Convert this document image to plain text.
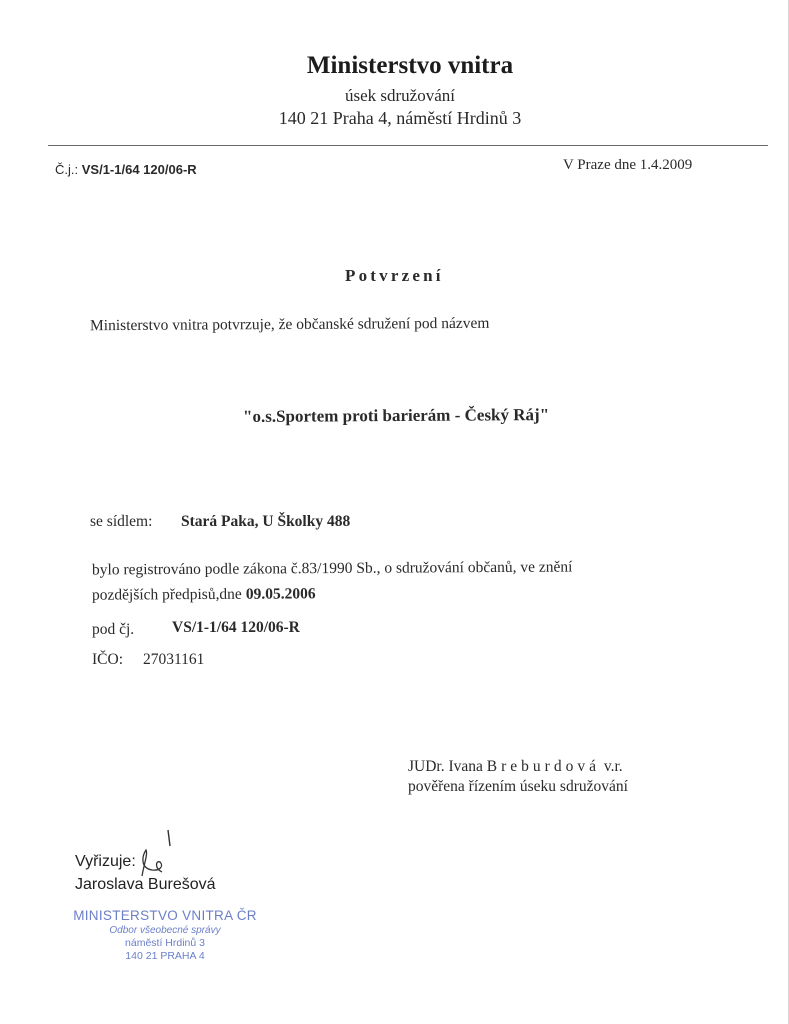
Ministerstvo vnitra
úsek sdružování
140 21 Praha 4, náměstí Hrdinů 3
Č.j.: VS/1-1/64 120/06-R	V Praze dne 1.4.2009
Potvrzení
Ministerstvo vnitra potvrzuje, že občanské sdružení pod názvem
"o.s.Sportem proti barierám - Český Ráj"
se sídlem: Stará Paka, U Školky 488
bylo registrováno podle zákona č.83/1990 Sb., o sdružování občanů, ve znění
pozdějších předpisů,dne 09.05.2006
pod čj. VS/1-1/64 120/06-R
IČO: 27031161
JUDr. Ivana Breburdová v.r.
pověřena řízením úseku sdružování
Vyřizuje:
Jaroslava Burešová
MINISTERSTVO VNITRA ČR
Odbor všeobecné správy
náměstí Hrdinů 3
140 21 PRAHA 4
